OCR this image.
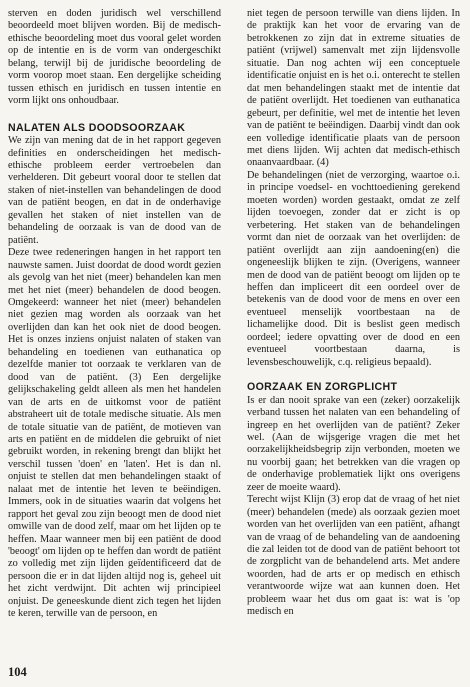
sterven en doden juridisch wel verschillend beoordeeld moet blijven worden. Bij de medisch-ethische beoordeling moet dus vooral gelet worden op de intentie en is de vorm van ondergeschikt belang, terwijl bij de juridische beoordeling de vorm voorop moet staan. Een dergelijke scheiding tussen ethisch en juridisch en tussen intentie en vorm lijkt ons onhoudbaar.

NALATEN ALS DOODSOORZAAK

We zijn van mening dat de in het rapport gegeven definities en onderscheidingen het medisch-ethische probleem eerder vertroebelen dan verhelderen. Dit gebeurt vooral door te stellen dat staken of niet-instellen van behandelingen de dood van de patiënt beogen, en dat in de onderhavige gevallen het staken of niet instellen van de behandeling de oorzaak is van de dood van de patiënt.

Deze twee redeneringen hangen in het rapport ten nauwste samen. Juist doordat de dood wordt gezien als gevolg van het niet (meer) behandelen kan men met het niet (meer) behandelen de dood beogen. Omgekeerd: wanneer het niet (meer) behandelen niet gezien mag worden als oorzaak van het overlijden dan kan het ook niet de dood beogen. Het is onzes inziens onjuist nalaten of staken van behandeling en toedienen van euthanatica op dezelfde manier tot oorzaak te verklaren van de dood van de patiënt. (3) Een dergelijke gelijkschakeling geldt alleen als men het handelen van de arts en de uitkomst voor de patiënt abstraheert uit de totale medische situatie. Als men de totale situatie van de patiënt, de motieven van arts en patiënt en de middelen die gebruikt of niet gebruikt worden, in rekening brengt dan blijkt het verschil tussen 'doen' en 'laten'. Het is dan nl. onjuist te stellen dat men behandelingen staakt of nalaat met de intentie het leven te beëindigen. Immers, ook in de situaties waarin dat volgens het rapport het geval zou zijn beoogt men de dood niet omwille van de dood zelf, maar om het lijden op te heffen. Maar wanneer men bij een patiënt de dood 'beoogt' om lijden op te heffen dan wordt de patiënt zo volledig met zijn lijden geïdentificeerd dat de persoon die er in dat lijden altijd nog is, geheel uit het zicht verdwijnt. Dit achten wij principieel onjuist. De geneeskunde dient zich tegen het lijden te keren, terwille van de persoon, en

niet tegen de persoon terwille van diens lijden. In de praktijk kan het voor de ervaring van de betrokkenen zo zijn dat in extreme situaties de patiënt (vrijwel) samenvalt met zijn lijdensvolle situatie. Dan nog achten wij een conceptuele identificatie onjuist en is het o.i. onterecht te stellen dat men behandelingen staakt met de intentie dat de patiënt overlijdt. Het toedienen van euthanatica gebeurt, per definitie, wel met de intentie het leven van de patiënt te beëindigen. Daarbij vindt dan ook een volledige identificatie plaats van de persoon met diens lijden. Wij achten dat medisch-ethisch onaanvaardbaar. (4)

De behandelingen (niet de verzorging, waartoe o.i. in principe voedsel- en vochttoediening gerekend moeten worden) worden gestaakt, omdat ze zelf lijden toevoegen, zonder dat er zicht is op verbetering. Het staken van de behandelingen vormt dan niet de oorzaak van het overlijden: de patiënt overlijdt aan zijn aandoening(en) die ongeneeslijk blijken te zijn. (Overigens, wanneer men de dood van de patiënt beoogt om lijden op te heffen dan impliceert dit een oordeel over de betekenis van de dood voor de mens en over een eventueel menselijk voortbestaan na de lichamelijke dood. Dit is beslist geen medisch oordeel; iedere opvatting over de dood en een eventueel voortbestaan daarna, is levensbeschouwelijk, c.q. religieus bepaald).

OORZAAK EN ZORGPLICHT

Is er dan nooit sprake van een (zeker) oorzakelijk verband tussen het nalaten van een behandeling of ingreep en het overlijden van de patiënt? Zeker wel. (Aan de wijsgerige vragen die met het oorzakelijkheidsbegrip zijn verbonden, moeten we nu voorbij gaan; het betrekken van die vragen op de onderhavige problematiek lijkt ons overigens zeer de moeite waard).

Terecht wijst Klijn (3) erop dat de vraag of het niet (meer) behandelen (mede) als oorzaak gezien moet worden van het overlijden van een patiënt, afhangt van de vraag of de behandeling van de aandoening die zal leiden tot de dood van de patiënt behoort tot de zorgplicht van de behandelend arts. Met andere woorden, had de arts er op medisch en ethisch verantwoorde wijze wat aan kunnen doen. Het probleem waar het dus om gaat is: wat is 'op medisch en

104
